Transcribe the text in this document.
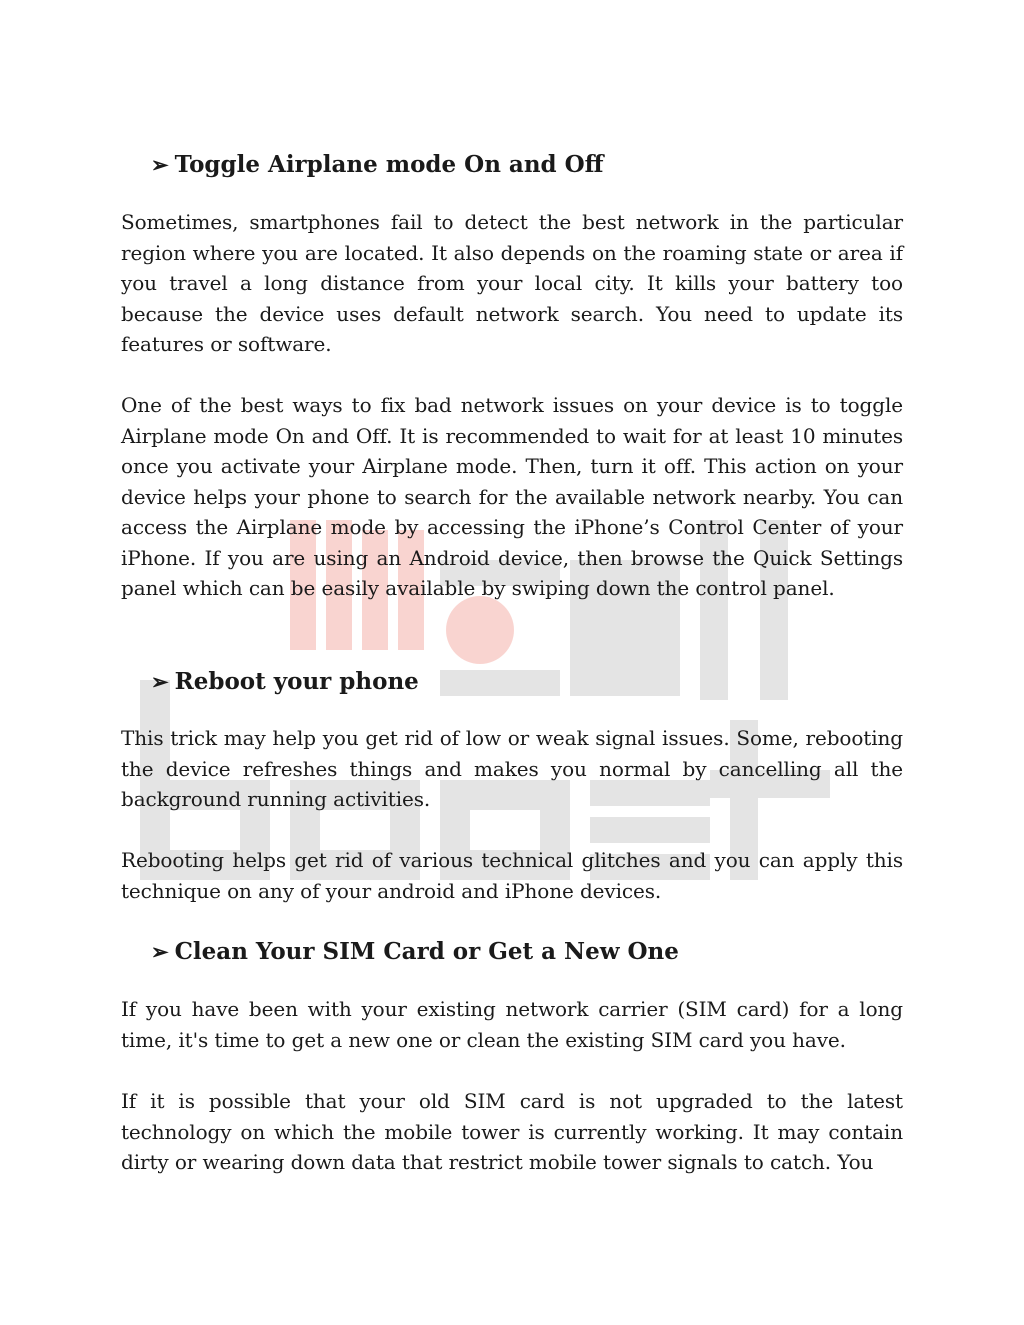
➢ Toggle Airplane mode On and Off

Sometimes, smartphones fail to detect the best network in the particular region where you are located. It also depends on the roaming state or area if you travel a long distance from your local city. It kills your battery too because the device uses default network search. You need to update its features or software.

One of the best ways to fix bad network issues on your device is to toggle Airplane mode On and Off. It is recommended to wait for at least 10 minutes once you activate your Airplane mode. Then, turn it off. This action on your device helps your phone to search for the available network nearby. You can access the Airplane mode by accessing the iPhone’s Control Center of your iPhone. If you are using an Android device, then browse the Quick Settings panel which can be easily available by swiping down the control panel.

➢ Reboot your phone

This trick may help you get rid of low or weak signal issues. Some, rebooting the device refreshes things and makes you normal by cancelling all the background running activities.

Rebooting helps get rid of various technical glitches and you can apply this technique on any of your android and iPhone devices.

➢ Clean Your SIM Card or Get a New One

If you have been with your existing network carrier (SIM card) for a long time, it's time to get a new one or clean the existing SIM card you have.

If it is possible that your old SIM card is not upgraded to the latest technology on which the mobile tower is currently working. It may contain dirty or wearing down data that restrict mobile tower signals to catch. You
